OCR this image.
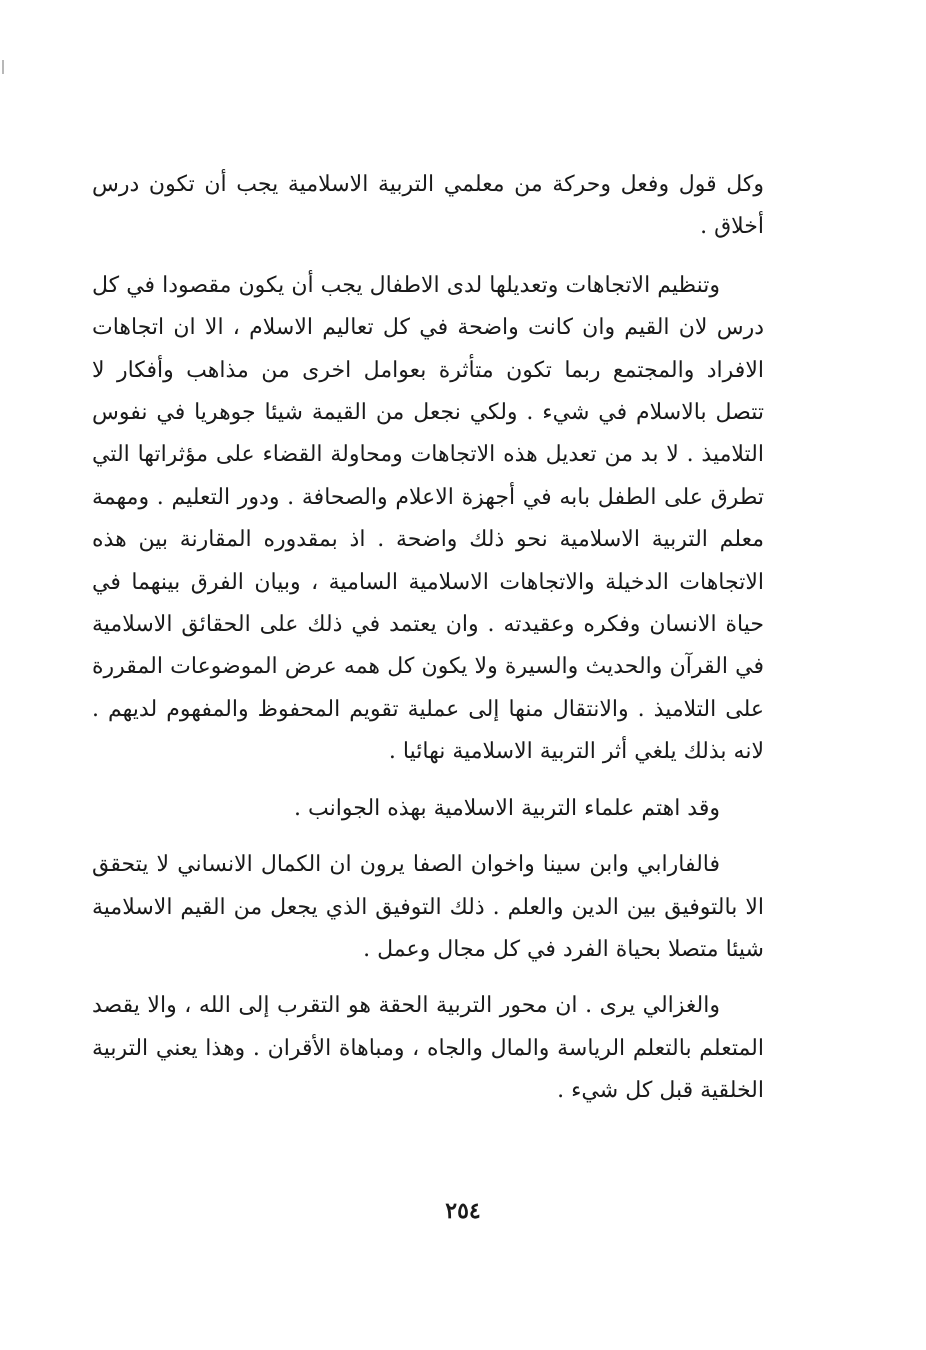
وكل قول وفعل وحركة من معلمي التربية الاسلامية يجب أن تكون درس أخلاق .

وتنظيم الاتجاهات وتعديلها لدى الاطفال يجب أن يكون مقصودا في كل درس لان القيم وان كانت واضحة في كل تعاليم الاسلام ، الا ان اتجاهات الافراد والمجتمع ربما تكون متأثرة بعوامل اخرى من مذاهب وأفكار لا تتصل بالاسلام في شيء . ولكي نجعل من القيمة شيئا جوهريا في نفوس التلاميذ . لا بد من تعديل هذه الاتجاهات ومحاولة القضاء على مؤثراتها التي تطرق على الطفل بابه في أجهزة الاعلام والصحافة . ودور التعليم . ومهمة معلم التربية الاسلامية نحو ذلك واضحة . اذ بمقدوره المقارنة بين هذه الاتجاهات الدخيلة والاتجاهات الاسلامية السامية ، وبيان الفرق بينهما في حياة الانسان وفكره وعقيدته . وان يعتمد في ذلك على الحقائق الاسلامية في القرآن والحديث والسيرة ولا يكون كل همه عرض الموضوعات المقررة على التلاميذ . والانتقال منها إلى عملية تقويم المحفوظ والمفهوم لديهم . لانه بذلك يلغي أثر التربية الاسلامية نهائيا .

وقد اهتم علماء التربية الاسلامية بهذه الجوانب .

فالفارابي وابن سينا واخوان الصفا يرون ان الكمال الانساني لا يتحقق الا بالتوفيق بين الدين والعلم . ذلك التوفيق الذي يجعل من القيم الاسلامية شيئا متصلا بحياة الفرد في كل مجال وعمل .

والغزالي يرى . ان محور التربية الحقة هو التقرب إلى الله ، والا يقصد المتعلم بالتعلم الرياسة والمال والجاه ، ومباهاة الأقران . وهذا يعني التربية الخلقية قبل كل شيء .

٢٥٤
